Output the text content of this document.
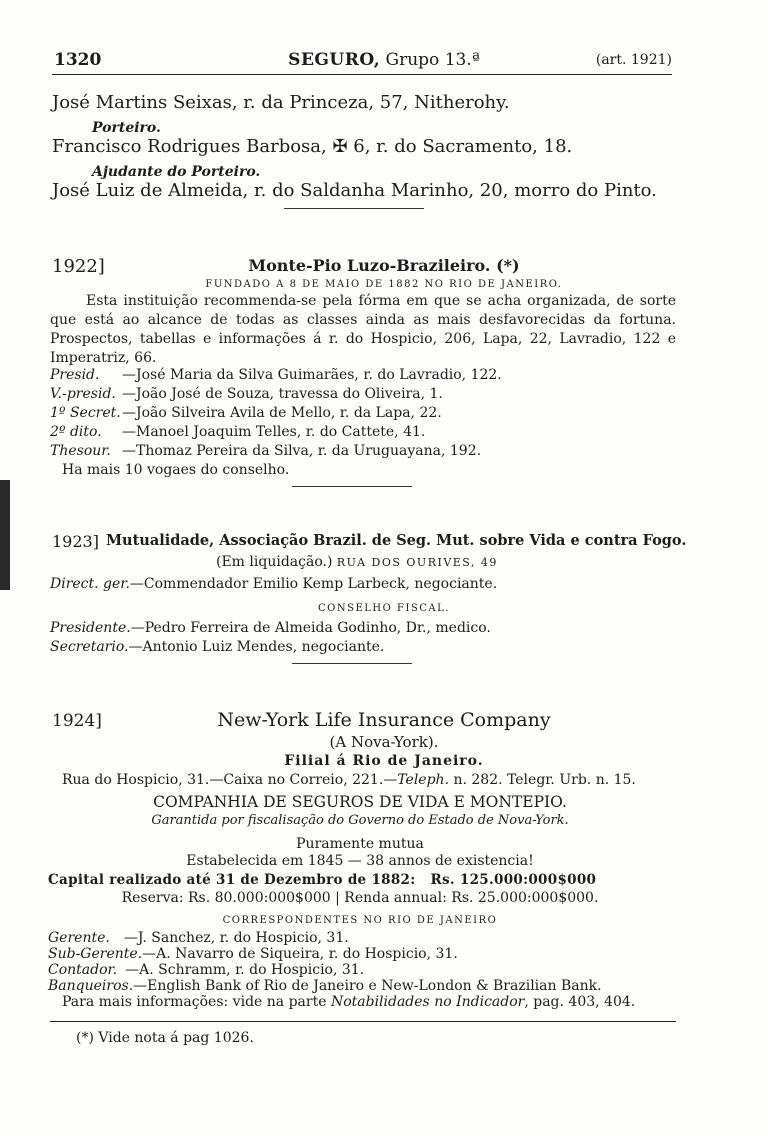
1320	SEGURO, Grupo 13.ª	(art. 1921)
José Martins Seixas, r. da Princeza, 57, Nitherohy.
Porteiro.
Francisco Rodrigues Barbosa, ✠ 6, r. do Sacramento, 18.
Ajudante do Porteiro.
José Luiz de Almeida, r. do Saldanha Marinho, 20, morro do Pinto.
1922]	Monte-Pio Luzo-Brazileiro. (*)
FUNDADO A 8 DE MAIO DE 1882 NO RIO DE JANEIRO.
Esta instituição recommenda-se pela fórma em que se acha organizada, de sorte que está ao alcance de todas as classes ainda as mais desfavorecidas da fortuna. Prospectos, tabellas e informações á r. do Hospicio, 206, Lapa, 22, Lavradio, 122 e Imperatriz, 66.
Presid. —José Maria da Silva Guimarães, r. do Lavradio, 122.
V.-presid. —João José de Souza, travessa do Oliveira, 1.
1º Secret.—João Silveira Avila de Mello, r. da Lapa, 22.
2º dito. —Manoel Joaquim Telles, r. do Cattete, 41.
Thesour. —Thomaz Pereira da Silva, r. da Uruguayana, 192.
Ha mais 10 vogaes do conselho.
1923] Mutualidade, Associação Brazil. de Seg. Mut. sobre Vida e contra Fogo.
(Em liquidação.) RUA DOS OURIVES, 49
Direct. ger.—Commendador Emilio Kemp Larbeck, negociante.
CONSELHO FISCAL.
Presidente.—Pedro Ferreira de Almeida Godinho, Dr., medico.
Secretario.—Antonio Luiz Mendes, negociante.
1924]	New-York Life Insurance Company
(A Nova-York).
Filial á Rio de Janeiro.
Rua do Hospicio, 31.—Caixa no Correio, 221.—Teleph. n. 282. Telegr. Urb. n. 15.
COMPANHIA DE SEGUROS DE VIDA E MONTEPIO.
Garantida por fiscalisação do Governo do Estado de Nova-York.
Puramente mutua
Estabelecida em 1845 — 38 annos de existencia!
Capital realizado até 31 de Dezembro de 1882: Rs. 125.000:000$000
Reserva: Rs. 80.000:000$000 | Renda annual: Rs. 25.000:000$000.
CORRESPONDENTES NO RIO DE JANEIRO
Gerente. —J. Sanchez, r. do Hospicio, 31.
Sub-Gerente.—A. Navarro de Siqueira, r. do Hospicio, 31.
Contador. —A. Schramm, r. do Hospicio, 31.
Banqueiros.—English Bank of Rio de Janeiro e New-London & Brazilian Bank.
Para mais informações: vide na parte Notabilidades no Indicador, pag. 403, 404.
(*) Vide nota á pag 1026.
